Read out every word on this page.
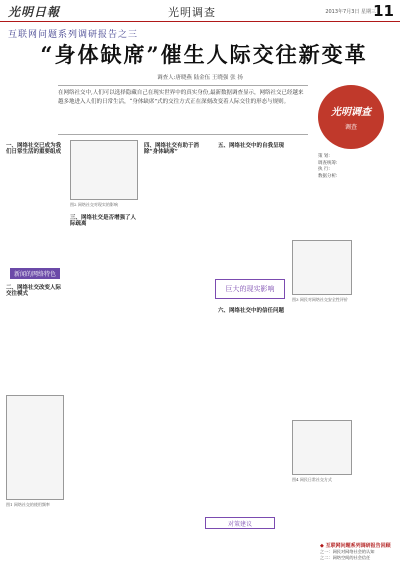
光明日報	光明调查	2013年7月3日 星期三
11
互联网问题系列调研报告之三
“身体缺席”催生人际交往新变革
调查人:唐晓燕 陆金伍 王晓强 张 扬
在网络社交中,人们可以选择隐藏自己在现实世界中的真实身份,最新数据调查显示，网络社交已经越来越多地进入人们的日常生活，“身体缺席”式的交往方式正在深刻改变着人际交往的形态与规则。
光明调查
调查
策 划:
调查统筹:
执 行:
数据分析:

一、网络社交已成为我们日常生活的重要组成

新闻的网络特色

二、网络社交改变人际交往模式

图1 网络社交的使用频率
图2 网络社交对现实的影响

三、网络社交是否增强了人际疏离

四、网络社交有助于消除“身体缺席”

巨大的现实影响

五、网络社交中的自我呈现

六、网络社交中的信任问题

图3 网民对网络社交安全性评价
图4 网民日常社交方式
对策建议
◆ 互联网问题系列调研报告回顾
之一：网民对网络社会的认知
之二：网络空间的社会信任
